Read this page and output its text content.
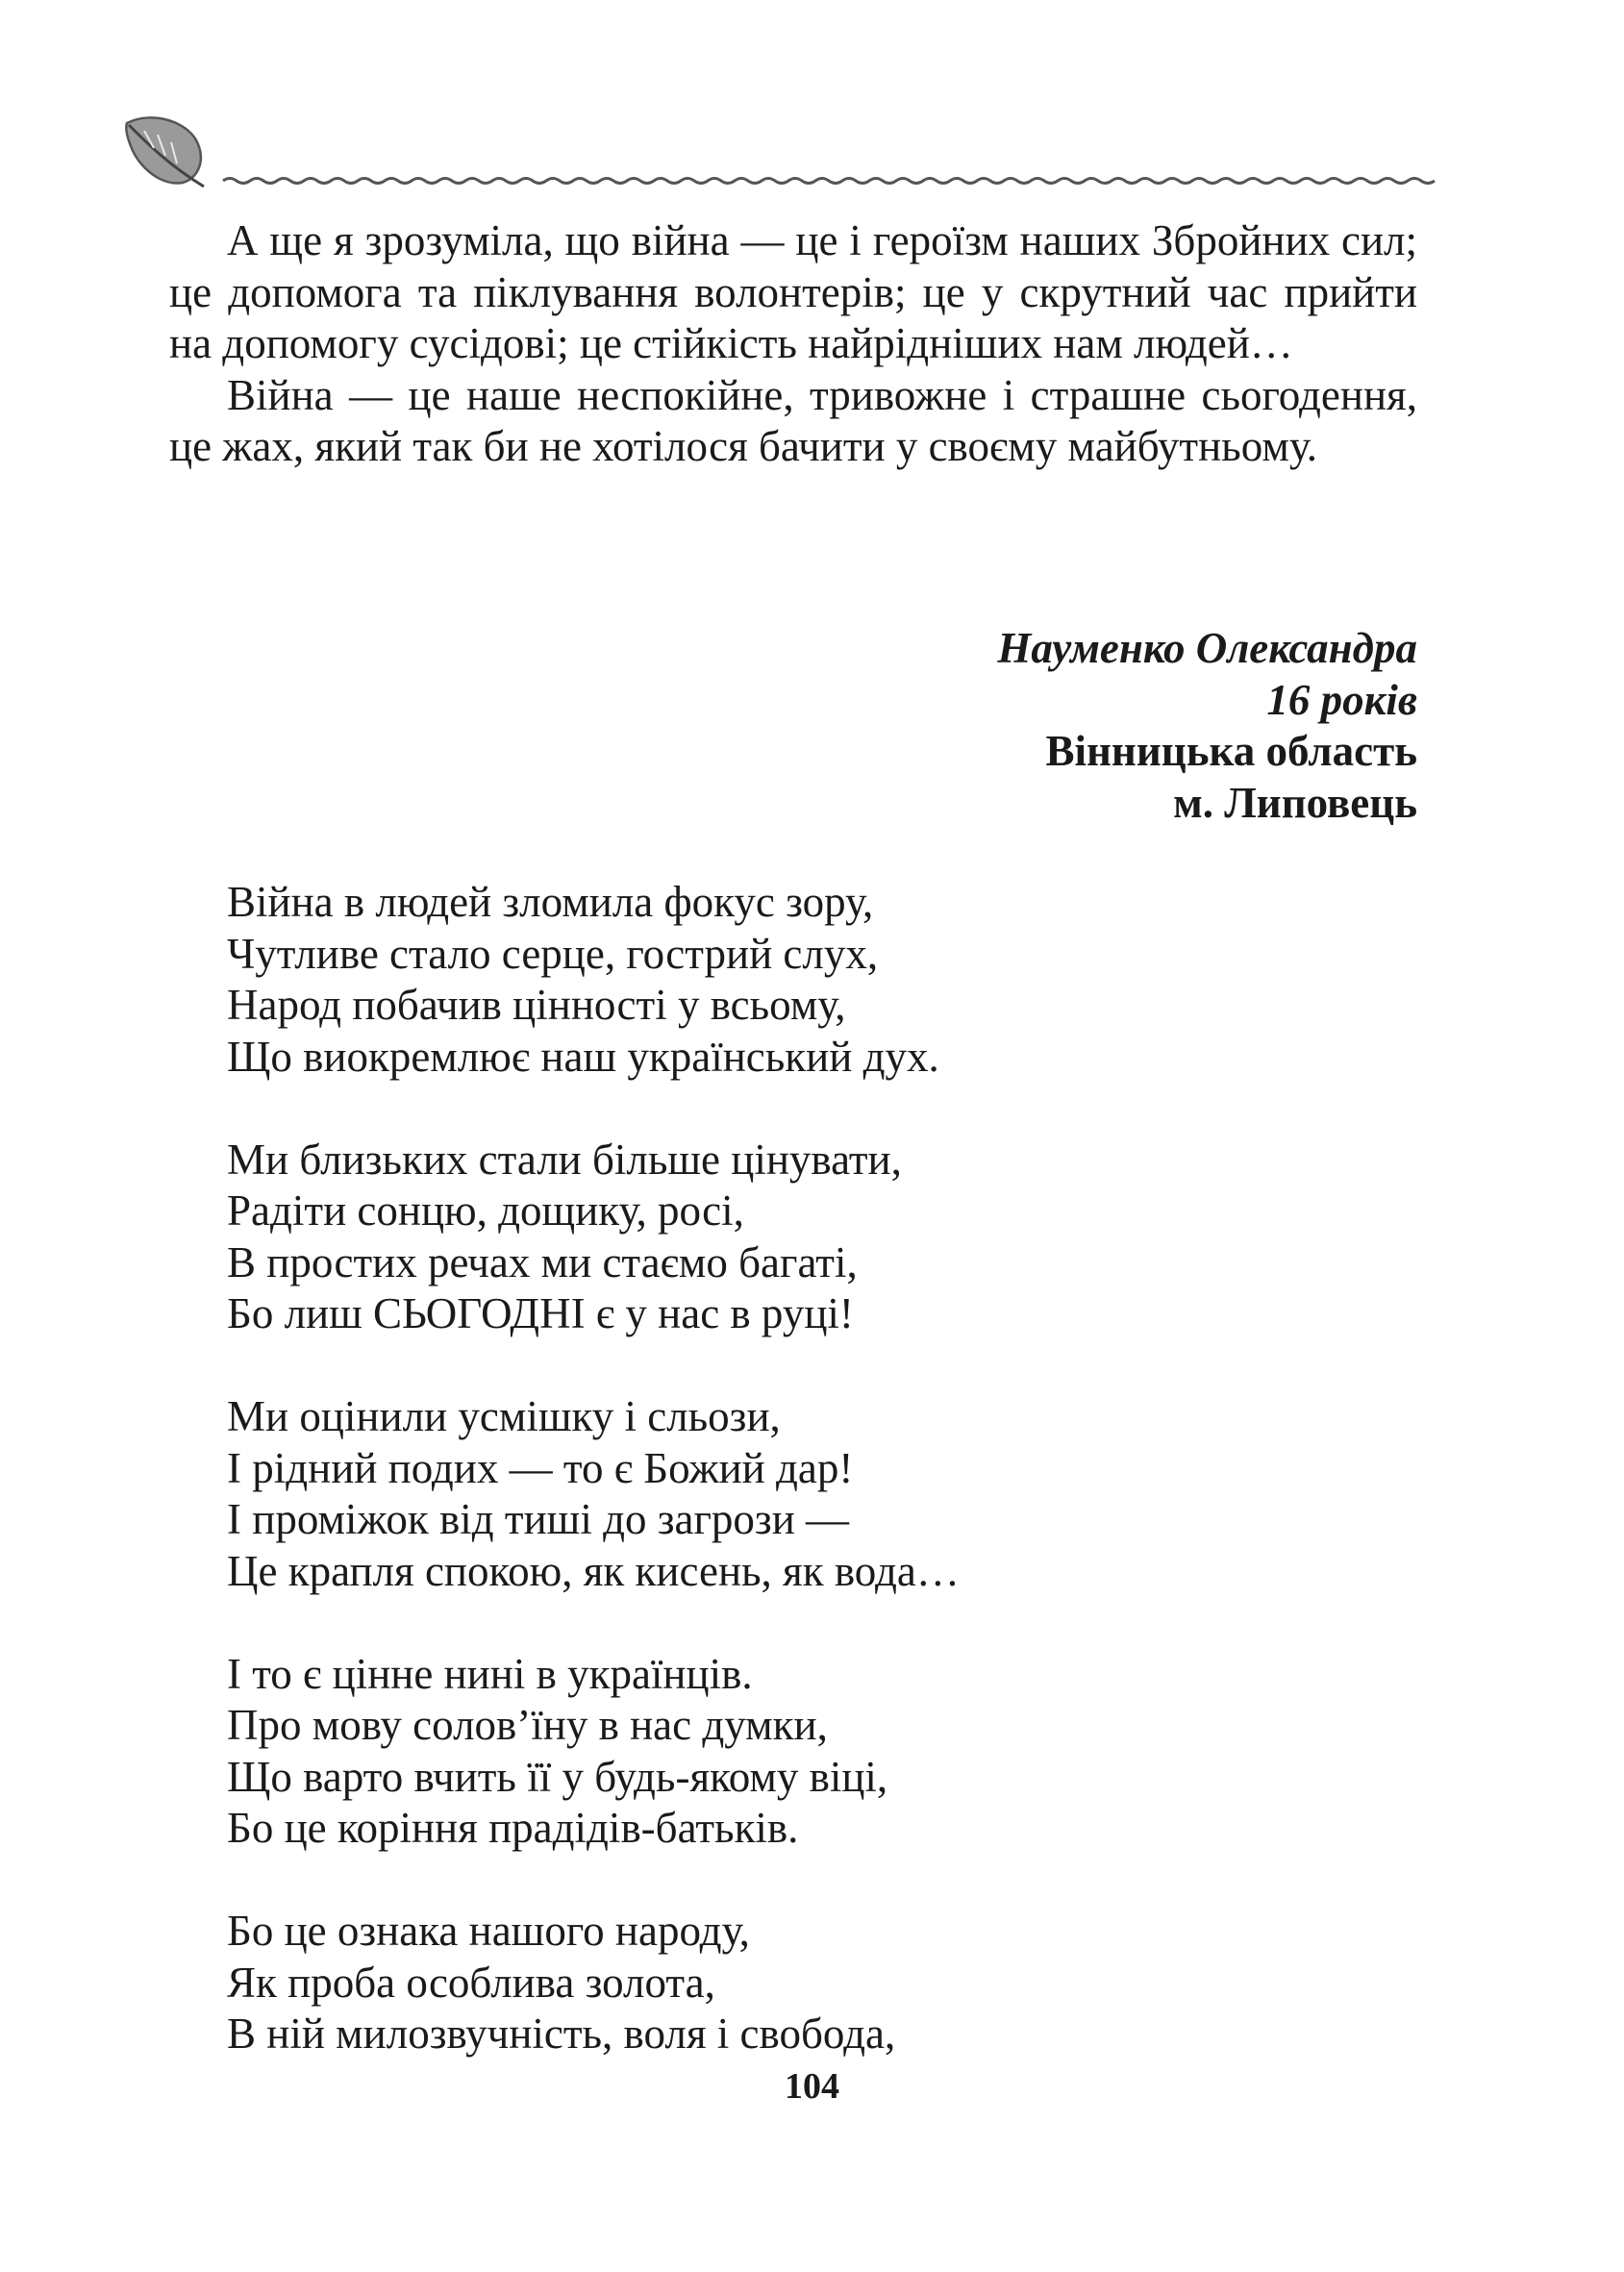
А ще я зрозуміла, що війна — це і героїзм наших Збройних сил; це допомога та піклування волонтерів; це у скрутний час прийти на допомогу сусідові; це стійкість найрідніших нам людей…

Війна — це наше неспокійне, тривожне і страшне сьогодення, це жах, який так би не хотілося бачити у своєму майбутньому.

Науменко Олександра
16 років
Вінницька область
м. Липовець
Війна в людей зломила фокус зору,
Чутливе стало серце, гострий слух,
Народ побачив цінності у всьому,
Що виокремлює наш український дух.
Ми близьких стали більше цінувати,
Радіти сонцю, дощику, росі,
В простих речах ми стаємо багаті,
Бо лиш СЬОГОДНІ є у нас в руці!
Ми оцінили усмішку і сльози,
І рідний подих — то є Божий дар!
І проміжок від тиші до загрози —
Це крапля спокою, як кисень, як вода…
І то є цінне нині в українців.
Про мову солов’їну в нас думки,
Що варто вчить її у будь-якому віці,
Бо це коріння прадідів-батьків.
Бо це ознака нашого народу,
Як проба особлива золота,
В ній милозвучність, воля і свобода,
104
